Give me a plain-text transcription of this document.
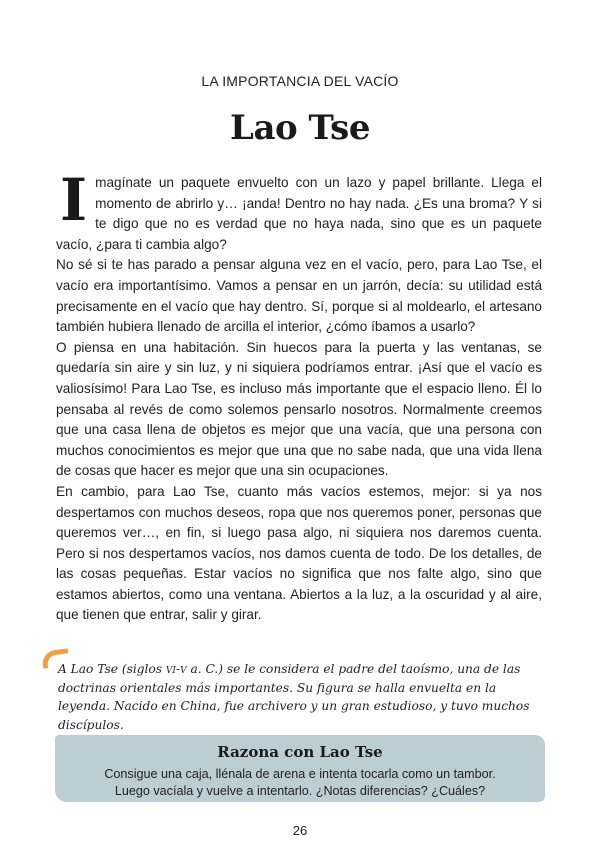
LA IMPORTANCIA DEL VACÍO
Lao Tse

Imagínate un paquete envuelto con un lazo y papel brillante. Llega el momento de abrirlo y… ¡anda! Dentro no hay nada. ¿Es una broma? Y si te digo que no es verdad que no haya nada, sino que es un paquete vacío, ¿para ti cambia algo?

No sé si te has parado a pensar alguna vez en el vacío, pero, para Lao Tse, el vacío era importantísimo. Vamos a pensar en un jarrón, decía: su utilidad está precisamente en el vacío que hay dentro. Sí, porque si al moldearlo, el artesano también hubiera llenado de arcilla el interior, ¿cómo íbamos a usarlo?

O piensa en una habitación. Sin huecos para la puerta y las ventanas, se quedaría sin aire y sin luz, y ni siquiera podríamos entrar. ¡Así que el vacío es valiosísimo! Para Lao Tse, es incluso más importante que el espacio lleno. Él lo pensaba al revés de como solemos pensarlo nosotros. Normalmente creemos que una casa llena de objetos es mejor que una vacía, que una persona con muchos conocimientos es mejor que una que no sabe nada, que una vida llena de cosas que hacer es mejor que una sin ocupaciones.

En cambio, para Lao Tse, cuanto más vacíos estemos, mejor: si ya nos despertamos con muchos deseos, ropa que nos queremos poner, personas que queremos ver…, en fin, si luego pasa algo, ni siquiera nos daremos cuenta. Pero si nos despertamos vacíos, nos damos cuenta de todo. De los detalles, de las cosas pequeñas. Estar vacíos no significa que nos falte algo, sino que estamos abiertos, como una ventana. Abiertos a la luz, a la oscuridad y al aire, que tienen que entrar, salir y girar.

A Lao Tse (siglos vi-v a. C.) se le considera el padre del taoísmo, una de las doctrinas orientales más importantes. Su figura se halla envuelta en la leyenda. Nacido en China, fue archivero y un gran estudioso, y tuvo muchos discípulos.
Razona con Lao Tse
Consigue una caja, llénala de arena e intenta tocarla como un tambor.
Luego vacíala y vuelve a intentarlo. ¿Notas diferencias? ¿Cuáles?
26
